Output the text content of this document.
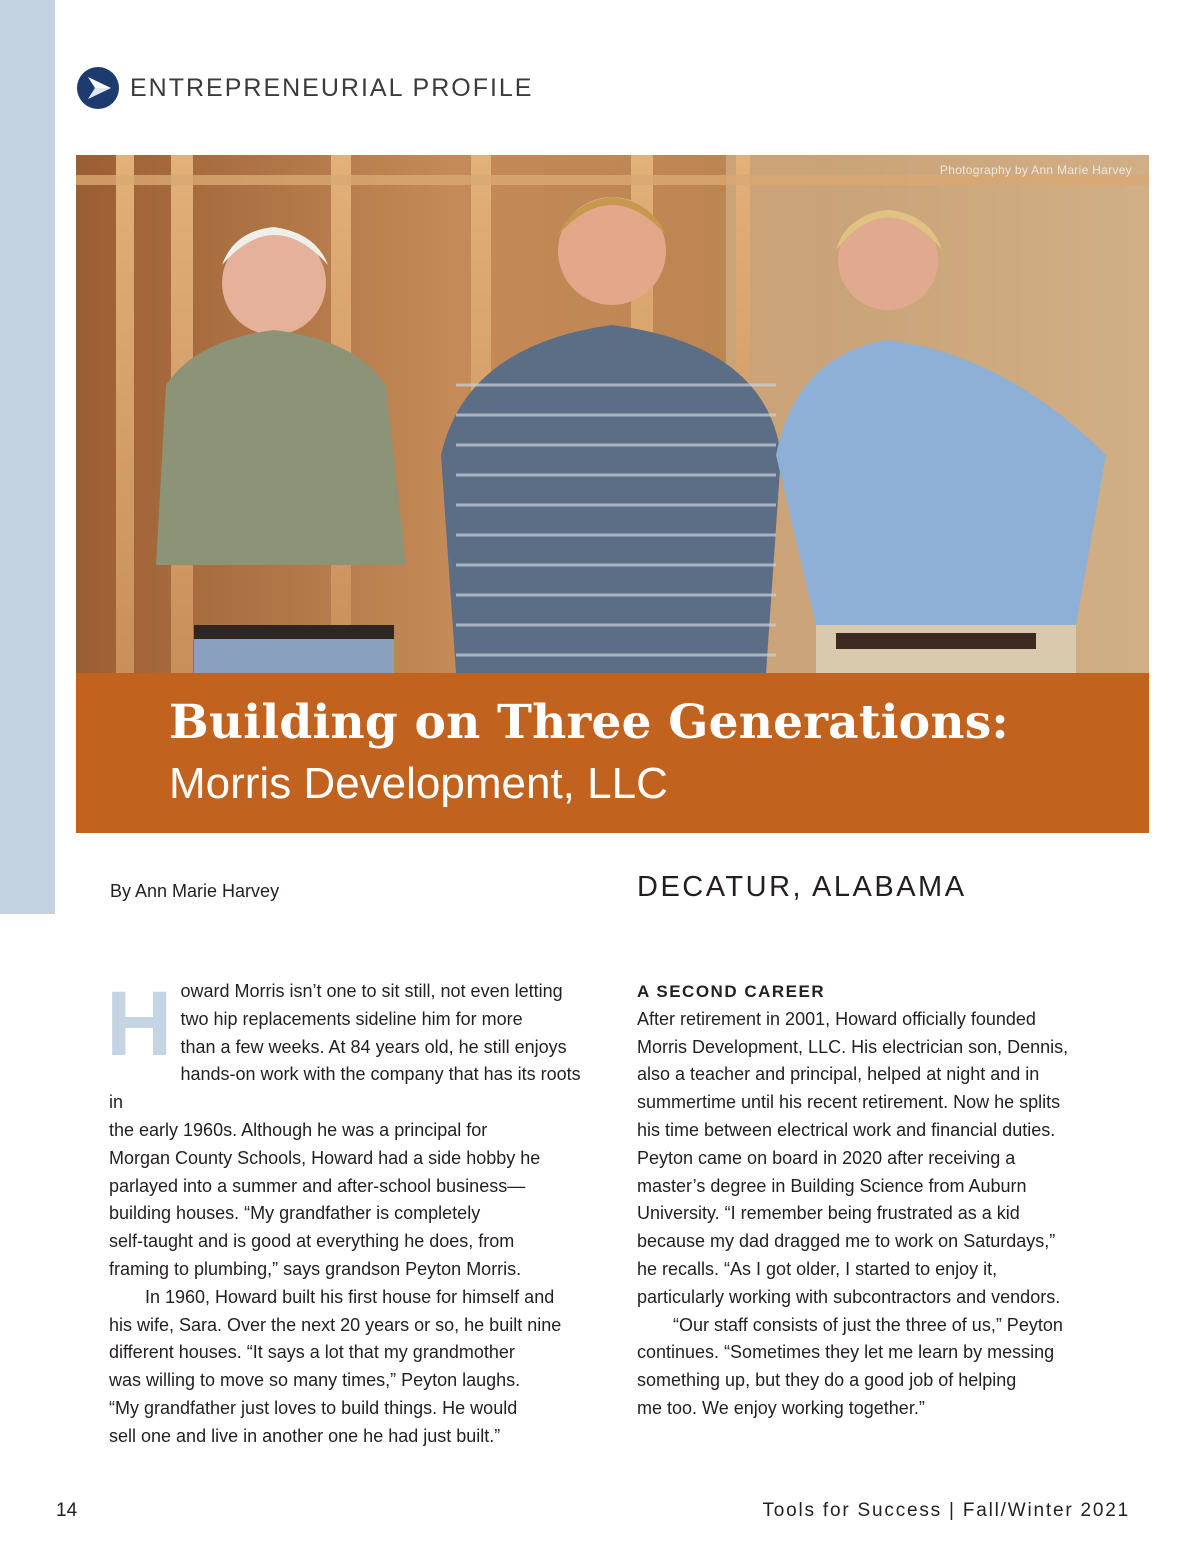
ENTREPRENEURIAL PROFILE
Photography by Ann Marie Harvey
Building on Three Generations:
Morris Development, LLC
By Ann Marie Harvey	DECATUR, ALABAMA

H oward Morris isn’t one to sit still, not even letting
two hip replacements sideline him for more
than a few weeks. At 84 years old, he still enjoys
hands-on work with the company that has its roots in
the early 1960s. Although he was a principal for
Morgan County Schools, Howard had a side hobby he
parlayed into a summer and after-school business—
building houses. “My grandfather is completely
self-taught and is good at everything he does, from
framing to plumbing,” says grandson Peyton Morris.

In 1960, Howard built his first house for himself and
his wife, Sara. Over the next 20 years or so, he built nine
different houses. “It says a lot that my grandmother
was willing to move so many times,” Peyton laughs.
“My grandfather just loves to build things. He would
sell one and live in another one he had just built.”

A SECOND CAREER

After retirement in 2001, Howard officially founded
Morris Development, LLC. His electrician son, Dennis,
also a teacher and principal, helped at night and in
summertime until his recent retirement. Now he splits
his time between electrical work and financial duties.
Peyton came on board in 2020 after receiving a
master’s degree in Building Science from Auburn
University. “I remember being frustrated as a kid
because my dad dragged me to work on Saturdays,”
he recalls. “As I got older, I started to enjoy it,
particularly working with subcontractors and vendors.

“Our staff consists of just the three of us,” Peyton
continues. “Sometimes they let me learn by messing
something up, but they do a good job of helping
me too. We enjoy working together.”

14	Tools for Success | Fall/Winter 2021
